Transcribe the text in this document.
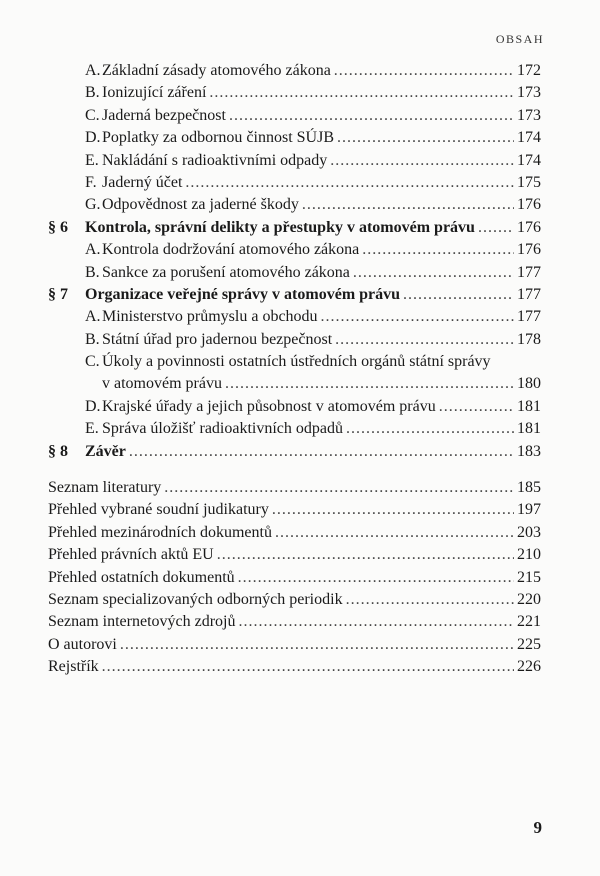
OBSAH
A. Základní zásady atomového zákona .....	172
B. Ionizující záření .....	173
C. Jaderná bezpečnost .....	173
D. Poplatky za odbornou činnost SÚJB .....	174
E. Nakládání s radioaktivními odpady .....	174
F. Jaderný účet .....	175
G. Odpovědnost za jaderné škody .....	176
§ 6	Kontrola, správní delikty a přestupky v atomovém právu .....	176
A. Kontrola dodržování atomového zákona .....	176
B. Sankce za porušení atomového zákona .....	177
§ 7	Organizace veřejné správy v atomovém právu .....	177
A. Ministerstvo průmyslu a obchodu .....	177
B. Státní úřad pro jadernou bezpečnost .....	178
C. Úkoly a povinnosti ostatních ústředních orgánů státní správy
v atomovém právu .....	180
D. Krajské úřady a jejich působnost v atomovém právu .....	181
E. Správa úložišť radioaktivních odpadů .....	181
§ 8	Závěr .....	183
Seznam literatury .....	185
Přehled vybrané soudní judikatury .....	197
Přehled mezinárodních dokumentů .....	203
Přehled právních aktů EU .....	210
Přehled ostatních dokumentů .....	215
Seznam specializovaných odborných periodik .....	220
Seznam internetových zdrojů .....	221
O autorovi .....	225
Rejstřík .....	226
9
